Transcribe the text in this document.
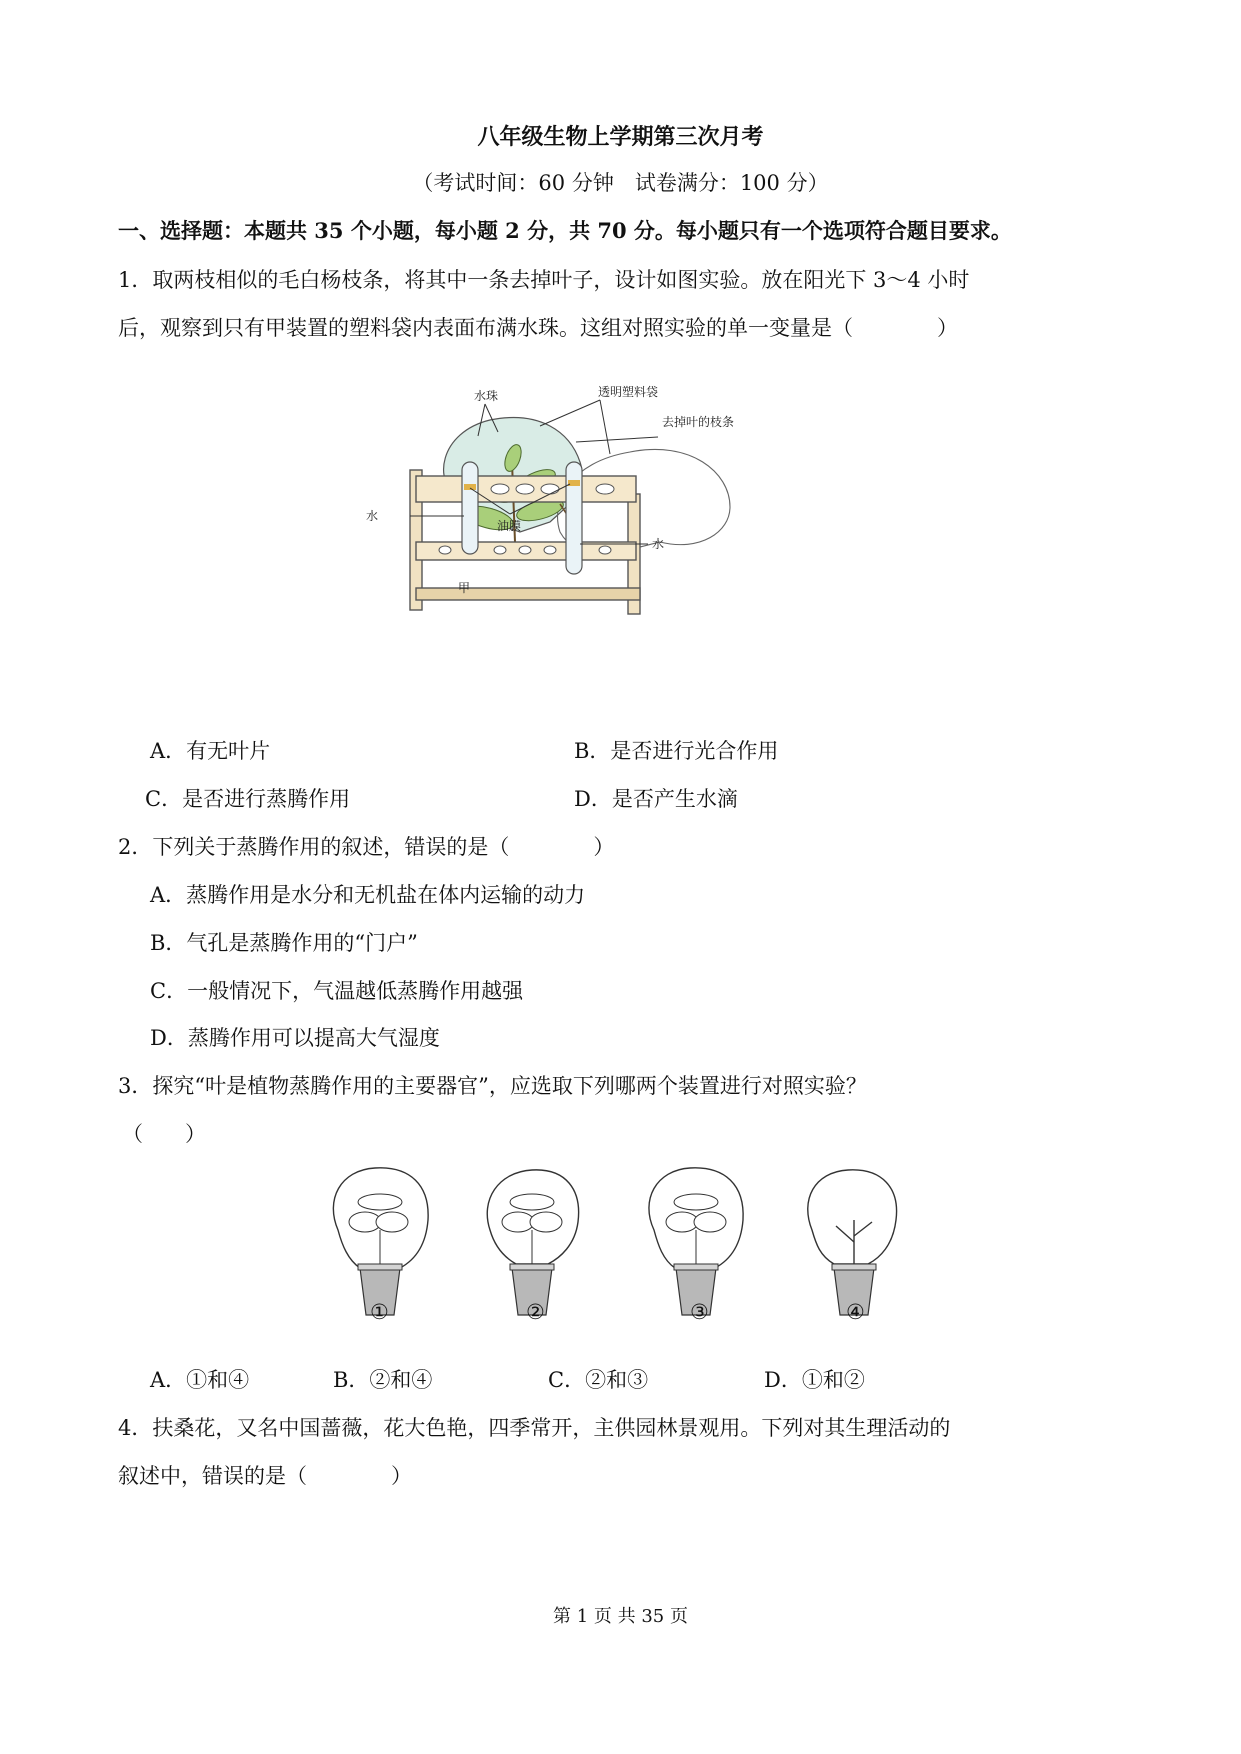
八年级生物上学期第三次月考
（考试时间：60 分钟　试卷满分：100 分）
一、选择题：本题共 35 个小题，每小题 2 分，共 70 分。每小题只有一个选项符合题目要求。
1．取两枝相似的毛白杨枝条，将其中一条去掉叶子，设计如图实验。放在阳光下 3～4 小时
后，观察到只有甲装置的塑料袋内表面布满水珠。这组对照实验的单一变量是（　　　　）
水珠	透明塑料袋
去掉叶的枝条
水
油膜
水
甲
A．有无叶片	B．是否进行光合作用
C．是否进行蒸腾作用	D．是否产生水滴
2．下列关于蒸腾作用的叙述，错误的是（　　　　）
A．蒸腾作用是水分和无机盐在体内运输的动力
B．气孔是蒸腾作用的“门户”
C．一般情况下，气温越低蒸腾作用越强
D．蒸腾作用可以提高大气湿度
3．探究“叶是植物蒸腾作用的主要器官”，应选取下列哪两个装置进行对照实验？
（　　）
①	②	③	④
A．①和④	B．②和④	C．②和③	D．①和②
4．扶桑花，又名中国蔷薇，花大色艳，四季常开，主供园林景观用。下列对其生理活动的
叙述中，错误的是（　　　　）
第 1 页 共 35 页
